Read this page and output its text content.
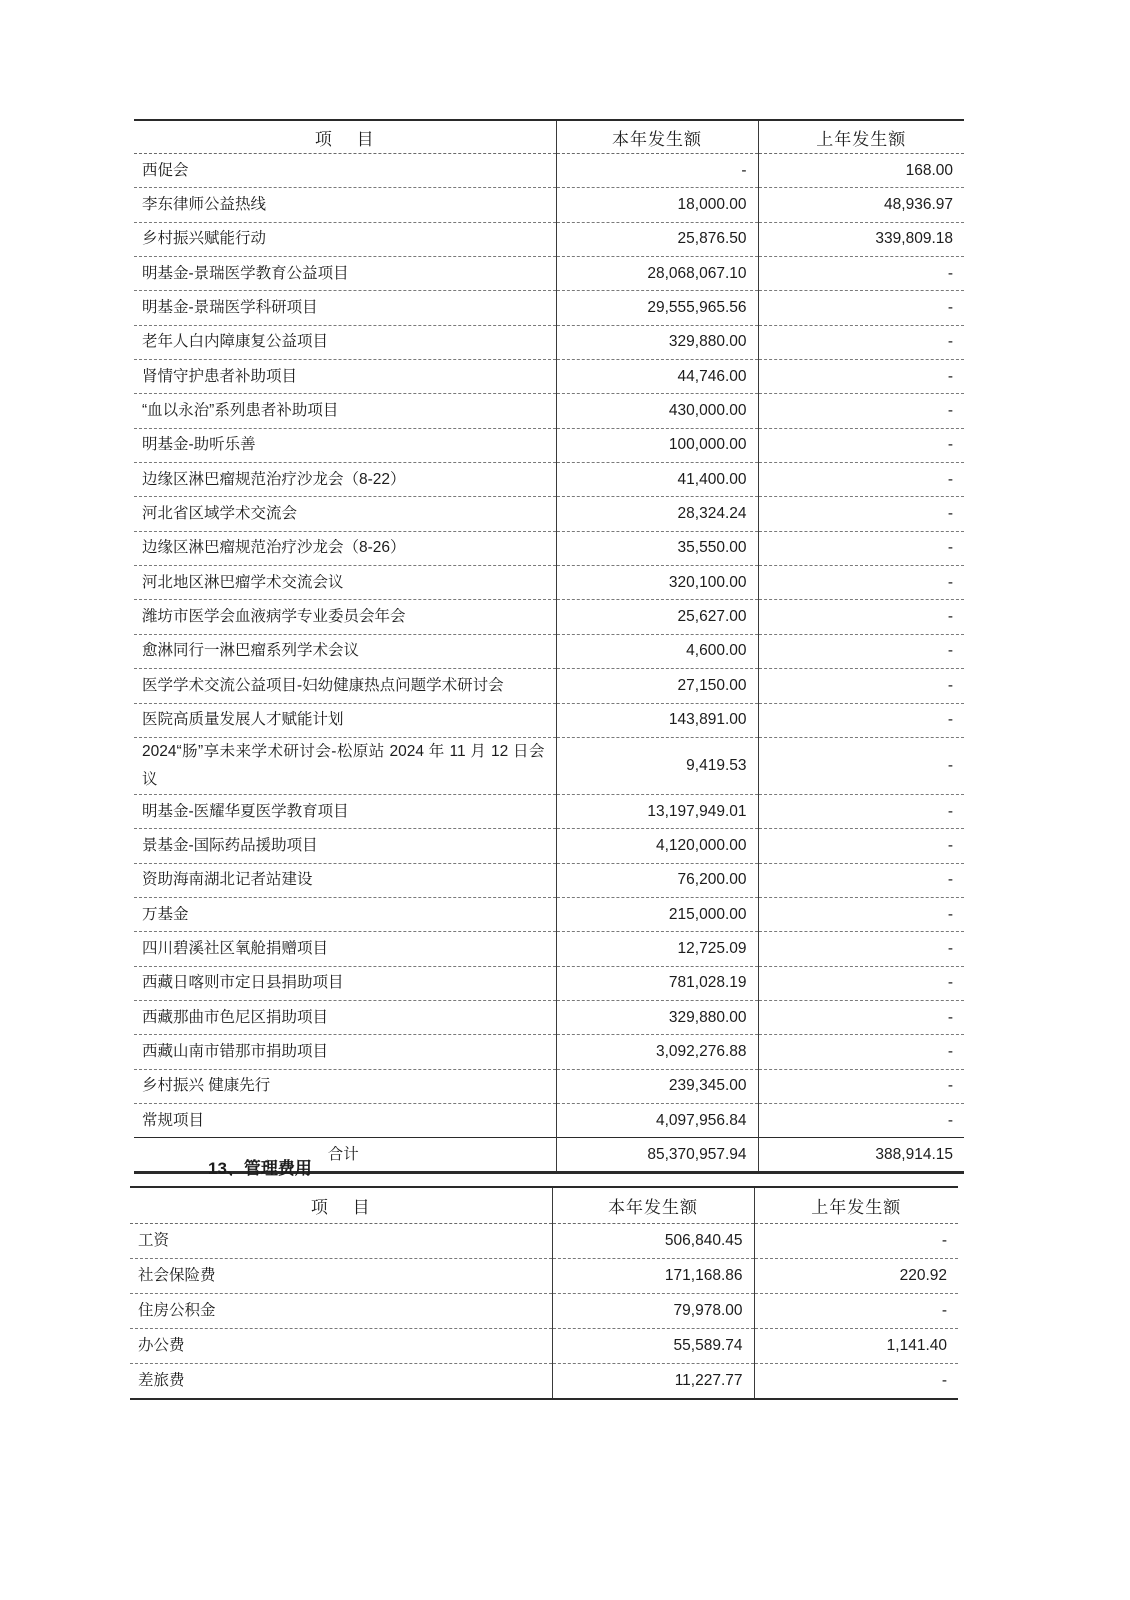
项 目	本年发生额	上年发生额
西促会	-	168.00
李东律师公益热线	18,000.00	48,936.97
乡村振兴赋能行动	25,876.50	339,809.18
明基金-景瑞医学教育公益项目	28,068,067.10	-
明基金-景瑞医学科研项目	29,555,965.56	-
老年人白内障康复公益项目	329,880.00	-
肾情守护患者补助项目	44,746.00	-
“血以永治”系列患者补助项目	430,000.00	-
明基金-助听乐善	100,000.00	-
边缘区淋巴瘤规范治疗沙龙会（8-22）	41,400.00	-
河北省区域学术交流会	28,324.24	-
边缘区淋巴瘤规范治疗沙龙会（8-26）	35,550.00	-
河北地区淋巴瘤学术交流会议	320,100.00	-
潍坊市医学会血液病学专业委员会年会	25,627.00	-
愈淋同行一淋巴瘤系列学术会议	4,600.00	-
医学学术交流公益项目-妇幼健康热点问题学术研讨会	27,150.00	-
医院高质量发展人才赋能计划	143,891.00	-
2024“肠”享未来学术研讨会-松原站 2024 年 11 月 12 日会议	9,419.53	-
明基金-医耀华夏医学教育项目	13,197,949.01	-
景基金-国际药品援助项目	4,120,000.00	-
资助海南湖北记者站建设	76,200.00	-
万基金	215,000.00	-
四川碧溪社区氧舱捐赠项目	12,725.09	-
西藏日喀则市定日县捐助项目	781,028.19	-
西藏那曲市色尼区捐助项目	329,880.00	-
西藏山南市错那市捐助项目	3,092,276.88	-
乡村振兴 健康先行	239,345.00	-
常规项目	4,097,956.84	-
合计	85,370,957.94	388,914.15
13、管理费用
项 目	本年发生额	上年发生额
工资	506,840.45	-
社会保险费	171,168.86	220.92
住房公积金	79,978.00	-
办公费	55,589.74	1,141.40
差旅费	11,227.77	-
